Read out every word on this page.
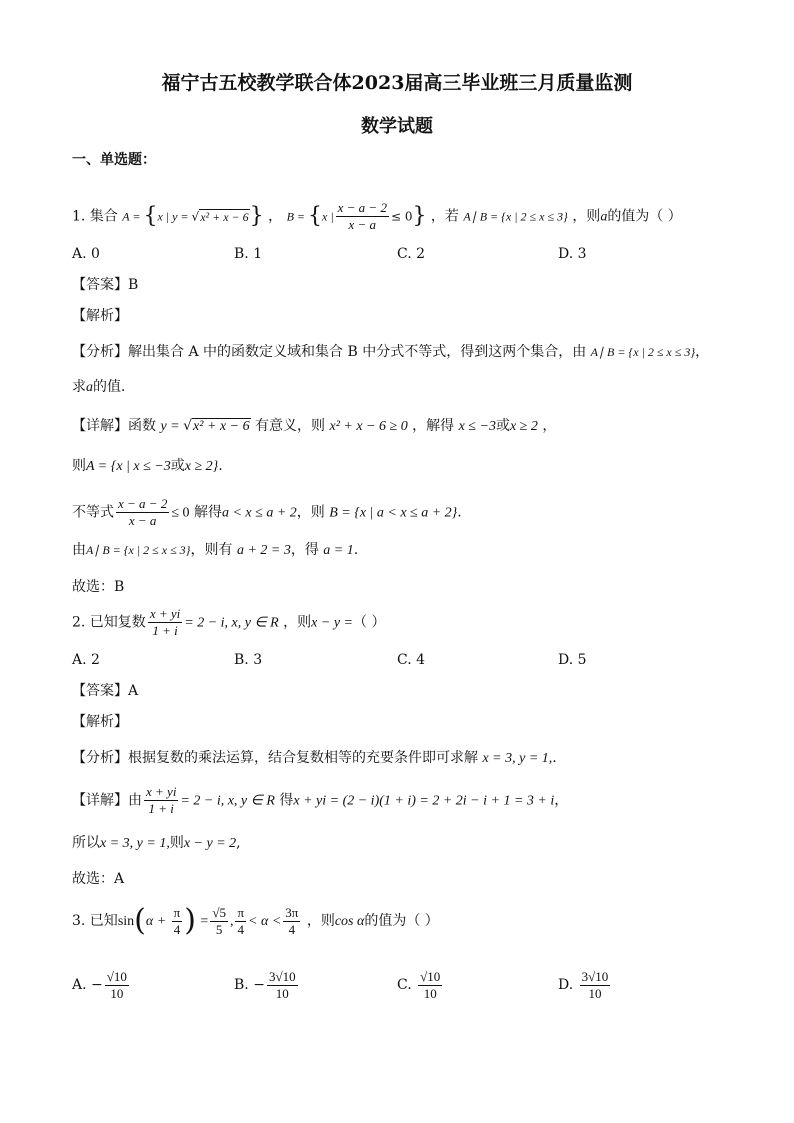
福宁古五校教学联合体2023届高三毕业班三月质量监测
数学试题
一、单选题：
1. 集合 A = {x | y = √x² + x − 6} ， B = {x | $\frac{x - a - 2}{x - a} \le 0$} ，若 A∣ B = {x | 2 ≤ x ≤ 3} ，则a的值为（ ）
A. 0	B. 1	C. 2	D. 3
【答案】B
【解析】
【分析】解出集合 A 中的函数定义域和集合 B 中分式不等式，得到这两个集合，由 A∣ B = {x | 2 ≤ x ≤ 3}，
求a的值．
【详解】函数 y = √x² + x − 6 有意义，则 x² + x − 6 ≥ 0 ，解得 x ≤ −3或x ≥ 2 ，
则A = {x | x ≤ −3或x ≥ 2}.
不等式 $\frac{x - a - 2}{x - a} \le 0$ 解得a < x ≤ a + 2，则 B = {x | a < x ≤ a + 2}.
由A∣ B = {x | 2 ≤ x ≤ 3}，则有 a + 2 = 3，得 a = 1.
故选：B
2. 已知复数 $\frac{x + yi}{1 + i} = 2 - i$, x, y ∈ R ，则x − y =（ ）
A. 2	B. 3	C. 4	D. 5
【答案】A
【解析】
【分析】根据复数的乘法运算，结合复数相等的充要条件即可求解 x = 3, y = 1,.
【详解】由 $\frac{x + yi}{1 + i} = 2 - i$, x, y ∈ R 得x + yi = (2 − i)(1 + i) = 2 + 2i − i + 1 = 3 + i，
所以x = 3, y = 1,则x − y = 2,
故选：A
3. 已知$\sin(\alpha + \frac{\pi}{4}$ ) = $\frac{√5}{5}$ , $\frac{\pi}{4} < \alpha < \frac{3\pi}{4}$ ，则cos α的值为（ ）
A. − $\frac{√10}{10}$	B. − $\frac{3√10}{10}$	C. $\frac{√10}{10}$	D. $\frac{3√10}{10}$
